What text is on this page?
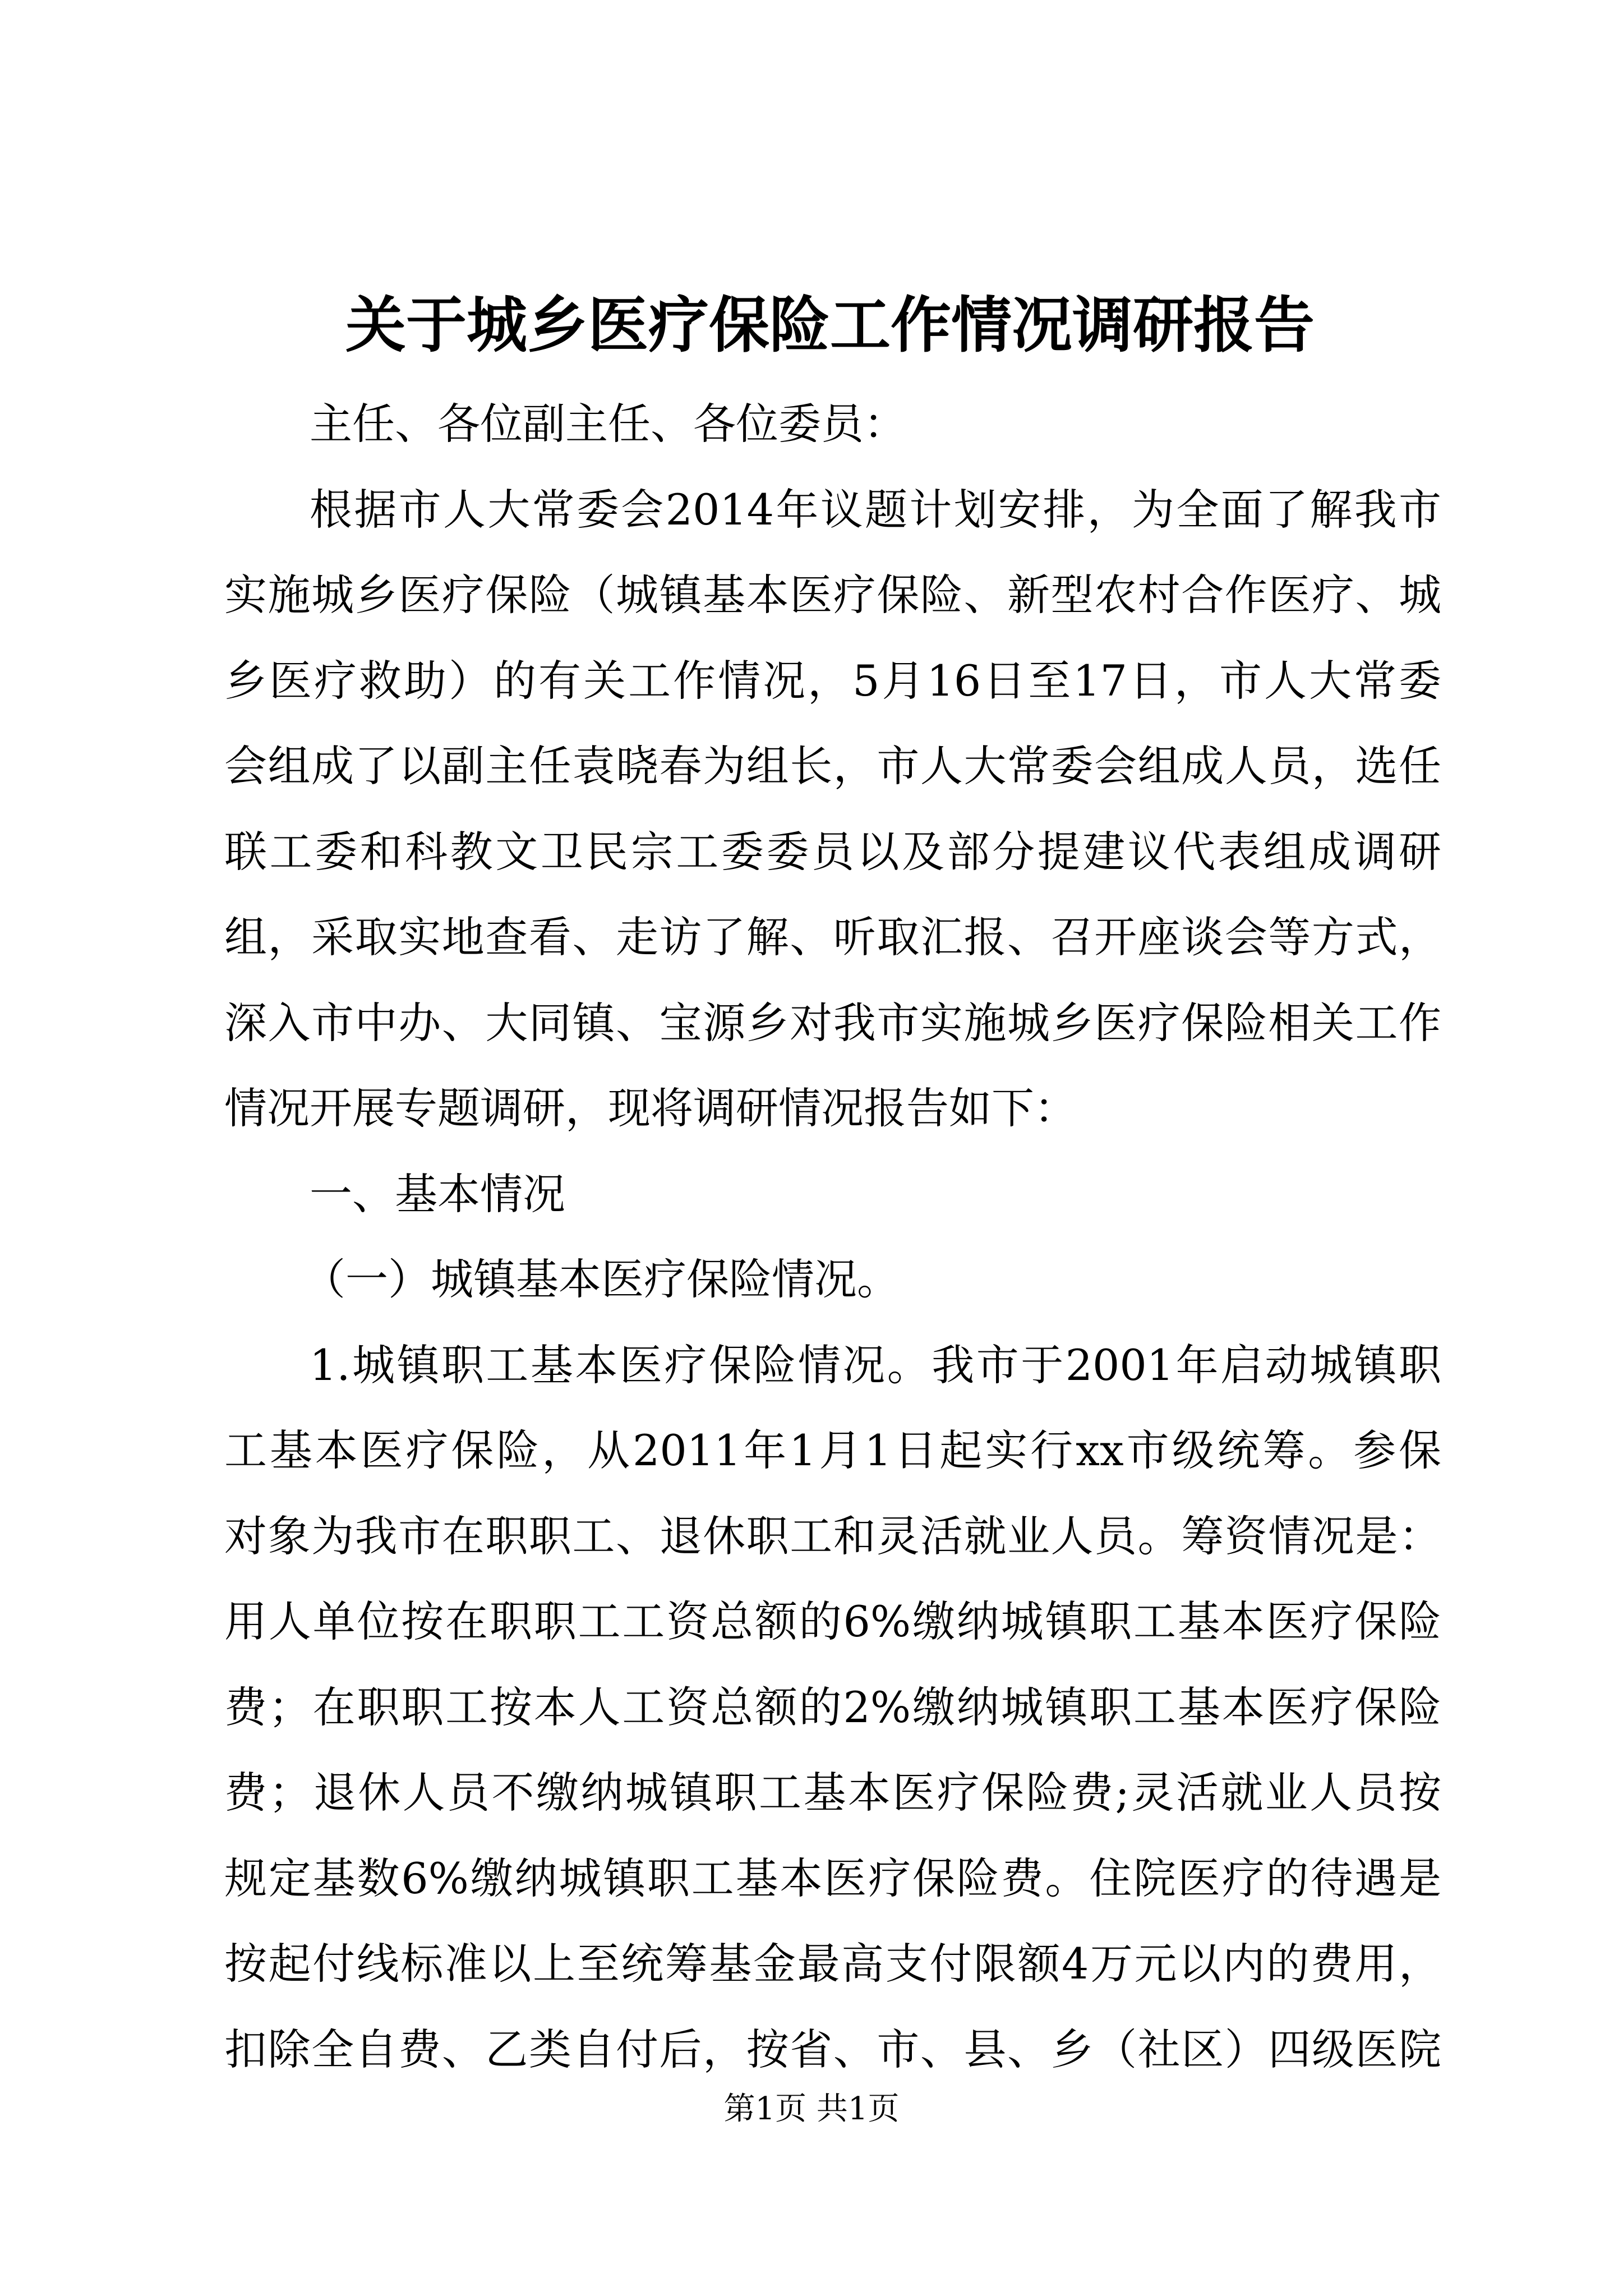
关于城乡医疗保险工作情况调研报告
主任、各位副主任、各位委员：
根据市人大常委会2014年议题计划安排，为全面了解我市
实施城乡医疗保险（城镇基本医疗保险、新型农村合作医疗、城
乡医疗救助）的有关工作情况，5月16日至17日，市人大常委
会组成了以副主任袁晓春为组长，市人大常委会组成人员，选任
联工委和科教文卫民宗工委委员以及部分提建议代表组成调研
组，采取实地查看、走访了解、听取汇报、召开座谈会等方式，
深入市中办、大同镇、宝源乡对我市实施城乡医疗保险相关工作
情况开展专题调研，现将调研情况报告如下：
一、基本情况
（一）城镇基本医疗保险情况。
1.城镇职工基本医疗保险情况。我市于2001年启动城镇职
工基本医疗保险，从2011年1月1日起实行xx市级统筹。参保
对象为我市在职职工、退休职工和灵活就业人员。筹资情况是：
用人单位按在职职工工资总额的6%缴纳城镇职工基本医疗保险
费；在职职工按本人工资总额的2%缴纳城镇职工基本医疗保险
费；退休人员不缴纳城镇职工基本医疗保险费;灵活就业人员按
规定基数6%缴纳城镇职工基本医疗保险费。住院医疗的待遇是
按起付线标准以上至统筹基金最高支付限额4万元以内的费用，
扣除全自费、乙类自付后，按省、市、县、乡（社区）四级医院
第1页 共1页
